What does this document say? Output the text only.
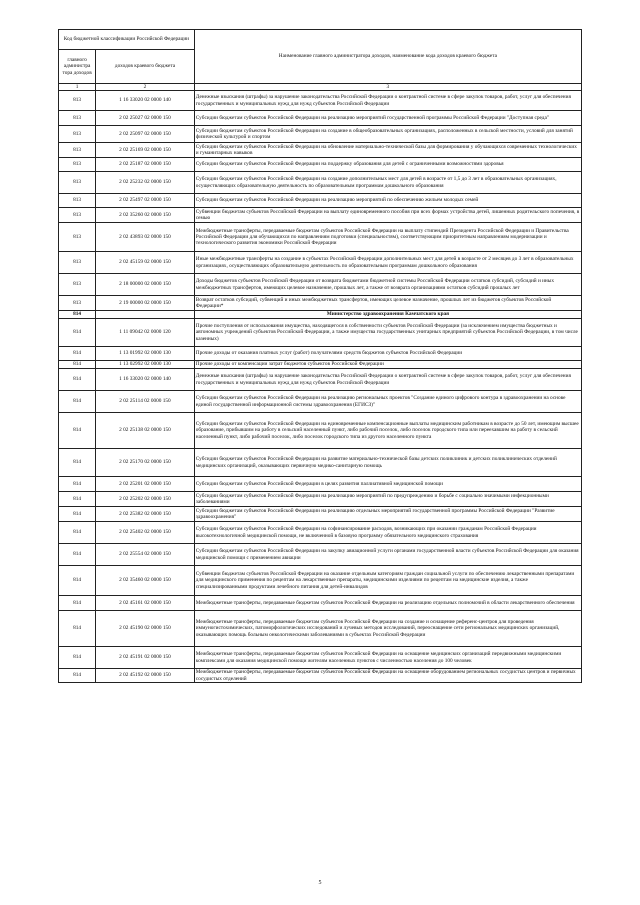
Код бюджетной классификации Российской Федерации		Наименование главного администратора доходов, наименование кода доходов краевого бюджета
главного администра тора доходов	доходов краевого бюджета	
1	2	3
813	1 16 33020 02 0000 140	Денежные взыскания (штрафы) за нарушение законодательства Российской Федерации о контрактной системе в сфере закупок товаров, работ, услуг для обеспечения государственных и муниципальных нужд для нужд субъектов Российской Федерации
813	2 02 25027 02 0000 150	Субсидии бюджетам субъектов Российской Федерации на реализацию мероприятий государственной программы Российской Федерации "Доступная среда"
813	2 02 25097 02 0000 150	Субсидии бюджетам субъектов Российской Федерации на создание в общеобразовательных организациях, расположенных в сельской местности, условий для занятий физической культурой и спортом
813	2 02 25169 02 0000 150	Субсидии бюджетам субъектов Российской Федерации на обновление материально-технической базы для формирования у обучающихся современных технологических и гуманитарных навыков
813	2 02 25187 02 0000 150	Субсидии бюджетам субъектов Российской Федерации на поддержку образования для детей с ограниченными возможностями здоровья
813	2 02 25232 02 0000 150	Субсидии бюджетам субъектов Российской Федерации на создание дополнительных мест для детей в возрасте от 1,5 до 3 лет в образовательных организациях, осуществляющих образовательную деятельность по образовательным программам дошкольного образования
813	2 02 25497 02 0000 150	Субсидии бюджетам субъектов Российской Федерации на реализацию мероприятий по обеспечению жильем молодых семей
813	2 02 35260 02 0000 150	Субвенции бюджетам субъектов Российской Федерации на выплату единовременного пособия при всех формах устройства детей, лишенных родительского попечения, в семью
813	2 02 43893 02 0000 150	Межбюджетные трансферты, передаваемые бюджетам субъектов Российской Федерации на выплату стипендий Президента Российской Федерации и Правительства Российской Федерации для обучающихся по направлениям подготовки (специальностям), соответствующим приоритетным направлениям модернизации и технологического развития экономики Российской Федерации
813	2 02 45159 02 0000 150	Иные межбюджетные трансферты на создание в субъектах Российской Федерации дополнительных мест для детей в возрасте от 2 месяцев до 3 лет в образовательных организациях, осуществляющих образовательную деятельность по образовательным программам дошкольного образования
813	2 18 00000 02 0000 150	Доходы бюджетов субъектов Российской Федерации от возврата бюджетами бюджетной системы Российской Федерации остатков субсидий, субсидий и иных межбюджетных трансфертов, имеющих целевое назначение, прошлых лет, а также от возврата организациями остатков субсидий прошлых лет
813	2 19 00000 02 0000 150	Возврат остатков субсидий, субвенций и иных межбюджетных трансфертов, имеющих целевое назначение, прошлых лет из бюджетов субъектов Российской Федерации*
814		Министерство здравоохранения Камчатского края
814	1 11 09042 02 0000 120	Прочие поступления от использования имущества, находящегося в собственности субъектов Российской Федерации (за исключением имущества бюджетных и автономных учреждений субъектов Российской Федерации, а также имущества государственных унитарных предприятий субъектов Российской Федерации, в том числе казенных)
814	1 13 01992 02 0000 130	Прочие доходы от оказания платных услуг (работ) получателями средств бюджетов субъектов Российской Федерации
814	1 13 02992 02 0000 130	Прочие доходы от компенсации затрат бюджетов субъектов Российской Федерации
814	1 16 33020 02 0000 140	Денежные взыскания (штрафы) за нарушение законодательства Российской Федерации о контрактной системе в сфере закупок товаров, работ, услуг для обеспечения государственных и муниципальных нужд для нужд субъектов Российской Федерации
814	2 02 25114 02 0000 150	Субсидии бюджетам субъектов Российской Федерации на реализацию региональных проектов "Создание единого цифрового контура в здравоохранении на основе единой государственной информационной системы здравоохранения (ЕГИСЗ)"
814	2 02 25138 02 0000 150	Субсидии бюджетам субъектов Российской Федерации на единовременные компенсационные выплаты медицинским работникам в возрасте до 50 лет, имеющим высшее образование, прибывшим на работу в сельский населенный пункт, либо рабочий поселок, либо поселок городского типа или переехавшим на работу в сельский населенный пункт, либо рабочий поселок, либо поселок городского типа из другого населенного пункта
814	2 02 25170 02 0000 150	Субсидии бюджетам субъектов Российской Федерации на развитие материально-технической базы детских поликлиник и детских поликлинических отделений медицинских организаций, оказывающих первичную медико-санитарную помощь
814	2 02 25201 02 0000 150	Субсидии бюджетам субъектов Российской Федерации в целях развития паллиативной медицинской помощи
814	2 02 25202 02 0000 150	Субсидии бюджетам субъектов Российской Федерации на реализацию мероприятий по предупреждению и борьбе с социально значимыми инфекционными заболеваниями
814	2 02 25382 02 0000 150	Субсидии бюджетам субъектов Российской Федерации на реализацию отдельных мероприятий государственной программы Российской Федерации "Развитие здравоохранения"
814	2 02 25402 02 0000 150	Субсидии бюджетам субъектов Российской Федерации на софинансирование расходов, возникающих при оказании гражданам Российской Федерации высокотехнологичной медицинской помощи, не включенной в базовую программу обязательного медицинского страхования
814	2 02 25554 02 0000 150	Субсидии бюджетам субъектов Российской Федерации на закупку авиационной услуги органами государственной власти субъектов Российской Федерации для оказания медицинской помощи с применением авиации
814	2 02 35460 02 0000 150	Субвенции бюджетам субъектов Российской Федерации на оказание отдельным категориям граждан социальной услуги по обеспечению лекарственными препаратами для медицинского применения по рецептам на лекарственные препараты, медицинскими изделиями по рецептам на медицинские изделия, а также специализированными продуктами лечебного питания для детей-инвалидов
814	2 02 45161 02 0000 150	Межбюджетные трансферты, передаваемые бюджетам субъектов Российской Федерации на реализацию отдельных полномочий в области лекарственного обеспечения
814	2 02 45190 02 0000 150	Межбюджетные трансферты, передаваемые бюджетам субъектов Российской Федерации на создание и оснащение референс-центров для проведения иммуногистохимических, патоморфологических исследований и лучевых методов исследований, переоснащение сети региональных медицинских организаций, оказывающих помощь больным онкологическими заболеваниями в субъектах Российской Федерации
814	2 02 45191 02 0000 150	Межбюджетные трансферты, передаваемые бюджетам субъектов Российской Федерации на оснащение медицинских организаций передвижными медицинскими комплексами для оказания медицинской помощи жителям населенных пунктов с численностью населения до 100 человек
814	2 02 45192 02 0000 150	Межбюджетные трансферты, передаваемые бюджетам субъектов Российской Федерации на оснащение оборудованием региональных сосудистых центров и первичных сосудистых отделений
5
